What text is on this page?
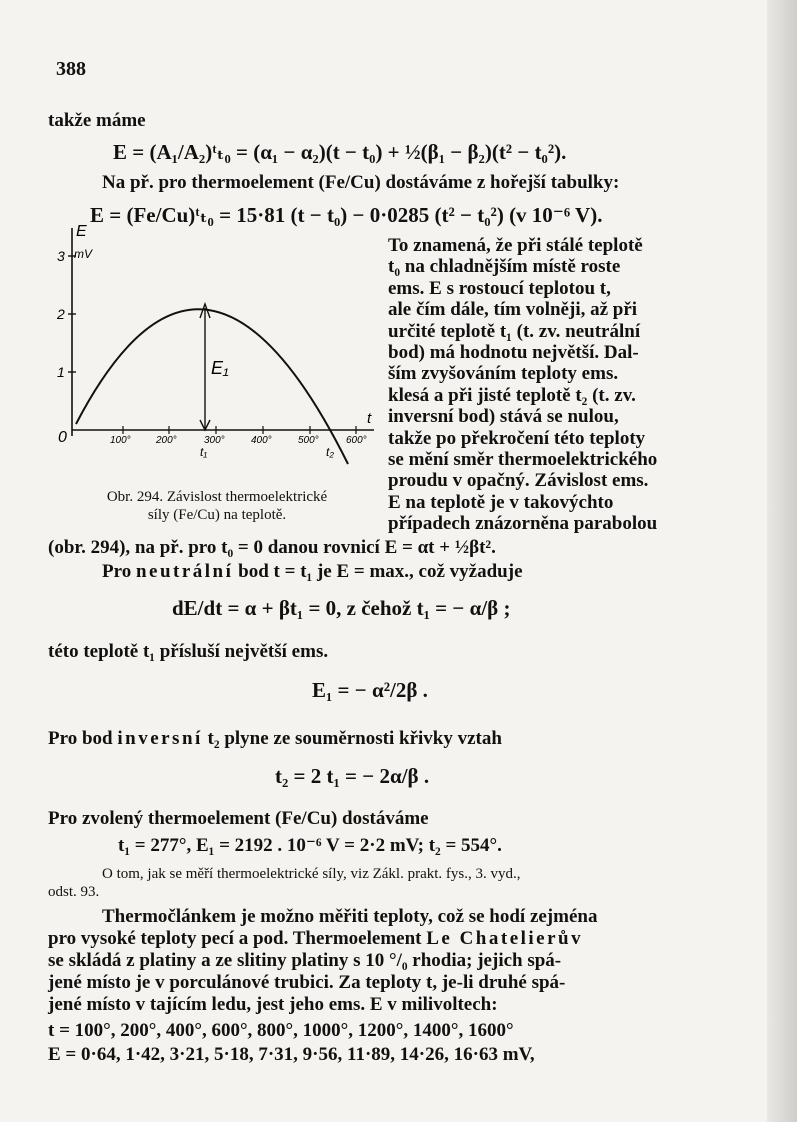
388
takže máme
E = (A₁/A₂)ᵗₜ₀ = (α₁ − α₂)(t − t₀) + ½(β₁ − β₂)(t² − t₀²).
Na př. pro thermoelement (Fe/Cu) dostáváme z hořejší tabulky:
E = (Fe/Cu)ᵗₜ₀ = 15·81 (t − t₀) − 0·0285 (t² − t₀²) (v 10⁻⁶ V).
E
mV
3
2
1
0	100°	200°	300°	400°	500°	600°
t
t₁	t₂
E₁
Obr. 294. Závislost thermoelektrické
síly (Fe/Cu) na teplotě.
To znamená, že při stálé teplotě
t₀ na chladnějším místě roste
ems. E s rostoucí teplotou t,
ale čím dále, tím volněji, až při
určité teplotě t₁ (t. zv. neutrální
bod) má hodnotu největší. Dal-
ším zvyšováním teploty ems.
klesá a při jisté teplotě t₂ (t. zv.
inversní bod) stává se nulou,
takže po překročení této teploty
se mění směr thermoelektrického
proudu v opačný. Závislost ems.
E na teplotě je v takovýchto
případech znázorněna parabolou
(obr. 294), na př. pro t₀ = 0 danou rovnicí E = αt + ½βt².
Pro neutrální bod t = t₁ je E = max., což vyžaduje
dE/dt = α + βt₁ = 0, z čehož t₁ = − α/β ;
této teplotě t₁ přísluší největší ems.
E₁ = − α²/2β .
Pro bod inversní t₂ plyne ze souměrnosti křivky vztah
t₂ = 2 t₁ = − 2α/β .
Pro zvolený thermoelement (Fe/Cu) dostáváme
t₁ = 277°, E₁ = 2192 . 10⁻⁶ V = 2·2 mV; t₂ = 554°.
O tom, jak se měří thermoelektrické síly, viz Zákl. prakt. fys., 3. vyd.,
odst. 93.
Thermočlánkem je možno měřiti teploty, což se hodí zejména
pro vysoké teploty pecí a pod. Thermoelement Le Chatelierův
se skládá z platiny a ze slitiny platiny s 10 °/₀ rhodia; jejich spá-
jené místo je v porculánové trubici. Za teploty t, je-li druhé spá-
jené místo v tajícím ledu, jest jeho ems. E v milivoltech:
t = 100°, 200°, 400°, 600°, 800°, 1000°, 1200°, 1400°, 1600°
E = 0·64, 1·42, 3·21, 5·18, 7·31, 9·56, 11·89, 14·26, 16·63 mV,
